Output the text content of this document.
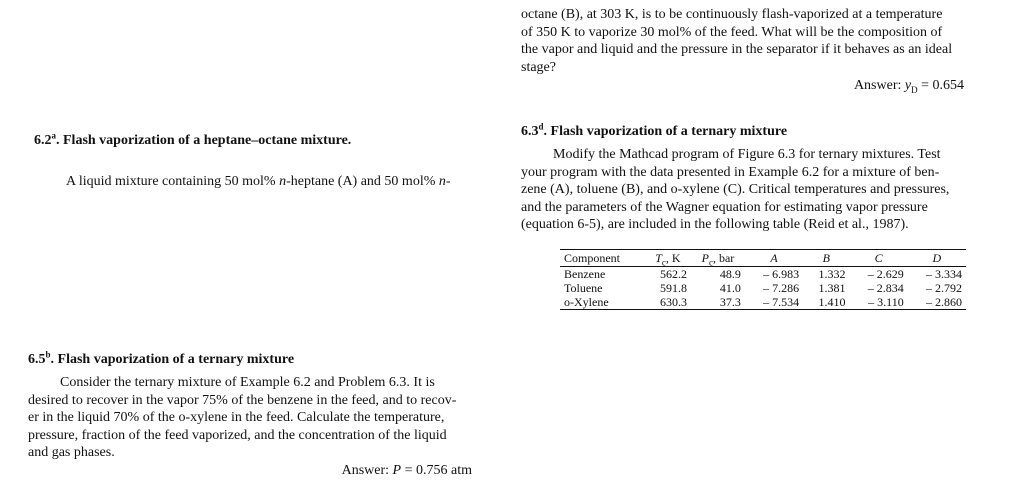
octane (B), at 303 K, is to be continuously flash-vaporized at a temperature
of 350 K to vaporize 30 mol% of the feed. What will be the composition of
the vapor and liquid and the pressure in the separator if it behaves as an ideal
stage?
Answer: $y_D = 0.654$
6.2$^a$. Flash vaporization of a heptane–octane mixture.
A liquid mixture containing 50 mol% n-heptane (A) and 50 mol% n-
6.3$^d$. Flash vaporization of a ternary mixture
Modify the Mathcad program of Figure 6.3 for ternary mixtures. Test
your program with the data presented in Example 6.2 for a mixture of ben-
zene (A), toluene (B), and o-xylene (C). Critical temperatures and pressures,
and the parameters of the Wagner equation for estimating vapor pressure
(equation 6-5), are included in the following table (Reid et al., 1987).
Component	$T_c$, K	$P_c$, bar	A	B	C	D
Benzene	562.2	48.9	– 6.983	1.332	– 2.629	– 3.334
Toluene	591.8	41.0	– 7.286	1.381	– 2.834	– 2.792
o-Xylene	630.3	37.3	– 7.534	1.410	– 3.110	– 2.860
6.5$^b$. Flash vaporization of a ternary mixture
Consider the ternary mixture of Example 6.2 and Problem 6.3. It is
desired to recover in the vapor 75% of the benzene in the feed, and to recov-
er in the liquid 70% of the o-xylene in the feed. Calculate the temperature,
pressure, fraction of the feed vaporized, and the concentration of the liquid
and gas phases.
Answer: P = 0.756 atm
